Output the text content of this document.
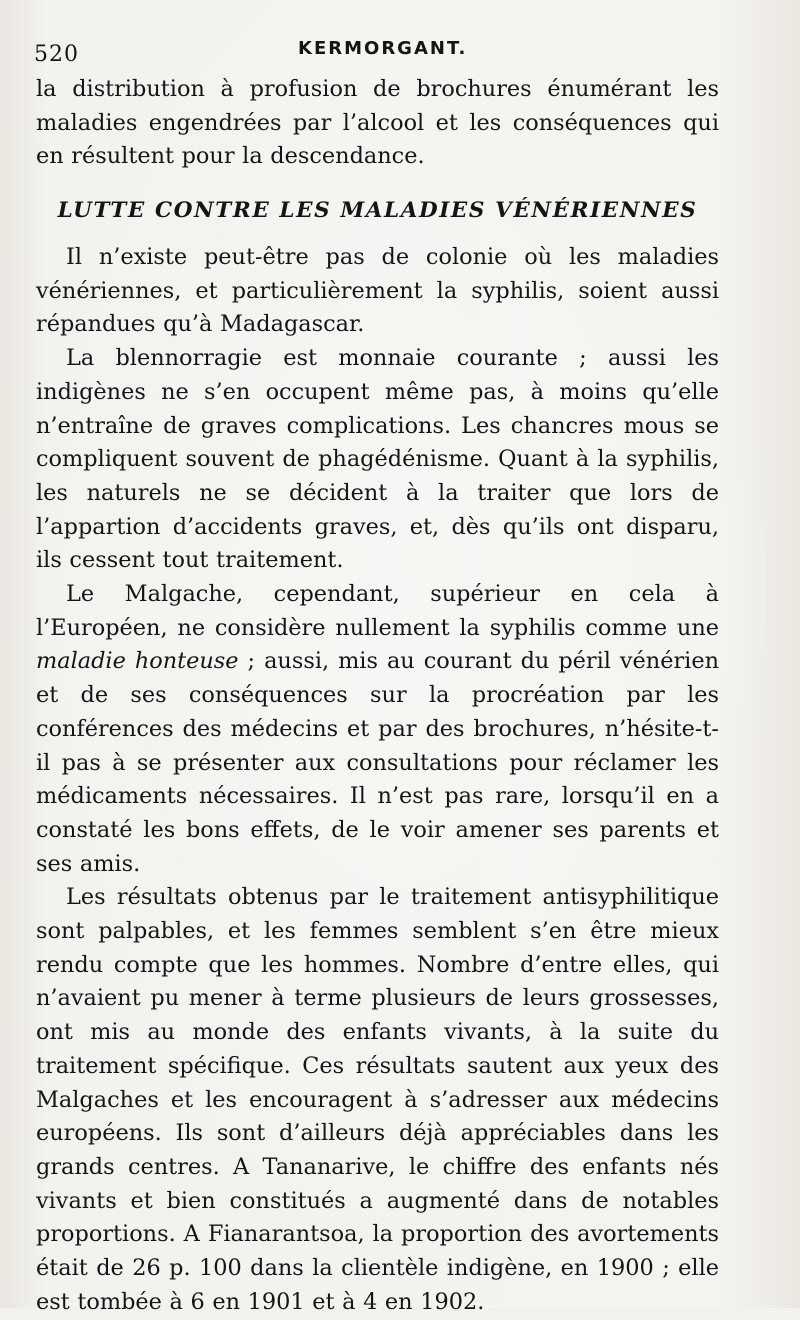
520	KERMORGANT.

la distribution à profusion de brochures énumérant les maladies engendrées par l’alcool et les conséquences qui en résultent pour la descendance.

LUTTE CONTRE LES MALADIES VÉNÉRIENNES

Il n’existe peut-être pas de colonie où les maladies vénériennes, et particulièrement la syphilis, soient aussi répandues qu’à Madagascar.

La blennorragie est monnaie courante ; aussi les indigènes ne s’en occupent même pas, à moins qu’elle n’entraîne de graves complications. Les chancres mous se compliquent souvent de phagédénisme. Quant à la syphilis, les naturels ne se décident à la traiter que lors de l’appartion d’accidents graves, et, dès qu’ils ont disparu, ils cessent tout traitement.

Le Malgache, cependant, supérieur en cela à l’Européen, ne considère nullement la syphilis comme une maladie honteuse ; aussi, mis au courant du péril vénérien et de ses conséquences sur la procréation par les conférences des médecins et par des brochures, n’hésite-t-il pas à se présenter aux consultations pour réclamer les médicaments nécessaires. Il n’est pas rare, lorsqu’il en a constaté les bons effets, de le voir amener ses parents et ses amis.

Les résultats obtenus par le traitement antisyphilitique sont palpables, et les femmes semblent s’en être mieux rendu compte que les hommes. Nombre d’entre elles, qui n’avaient pu mener à terme plusieurs de leurs grossesses, ont mis au monde des enfants vivants, à la suite du traitement spécifique. Ces résultats sautent aux yeux des Malgaches et les encouragent à s’adresser aux médecins européens. Ils sont d’ailleurs déjà appréciables dans les grands centres. A Tananarive, le chiffre des enfants nés vivants et bien constitués a augmenté dans de notables proportions. A Fianarantsoa, la proportion des avortements était de 26 p. 100 dans la clientèle indigène, en 1900 ; elle est tombée à 6 en 1901 et à 4 en 1902.
